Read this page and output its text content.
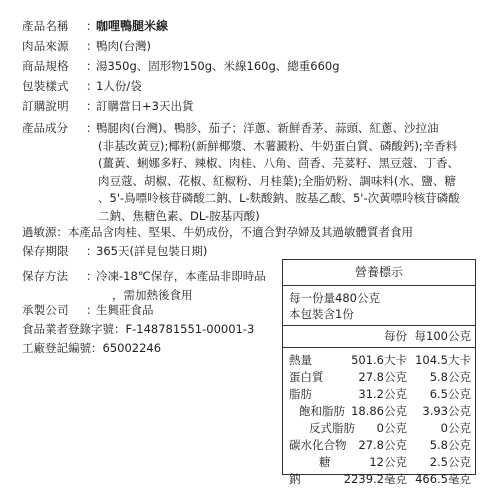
產品名稱 ：咖哩鴨腿米線
肉品來源 ：鴨肉(台灣)
商品規格 ：湯350g、固形物150g、米線160g、總重660g
包裝樣式 ：1人份/袋
訂購說明 ：訂購當日+3天出貨
產品成分 ：鴨腿肉(台灣)、鴨胗、茄子；洋蔥、新鮮香茅、蒜頭、紅蔥、沙拉油
(非基改黃豆);椰粉(新鮮椰漿、木薯澱粉、牛奶蛋白質、磷酸鈣);辛香料
(薑黃、蜊娜多籽、辣椒、肉桂、八角、茴香、芫荽籽、黑豆蔻、丁香、
肉豆蔻、胡椒、花椒、紅椒粉、月桂葉);全脂奶粉、調味料(水、鹽、糖
、5'-鳥嘌呤核苷磷酸二鈉、L-麩酸鈉、胺基乙酸、5'-次黃嘌呤核苷磷酸
二鈉、焦糖色素、DL-胺基丙酸)
過敏源：本產品含肉桂、堅果、牛奶成份，不適合對孕婦及其過敏體質者食用
保存期限 ：365天(詳見包裝日期)
保存方法 ：冷凍-18℃保存，本產品非即時品
，需加熱後食用
承製公司 ：生興莊食品
食品業者登錄字號：F-148781551-00001-3
工廠登記編號：65002246
營養標示
每一份量480公克
本包裝含1份
每份 每100公克
熱量	501.6大卡 104.5大卡
蛋白質	27.8公克 5.8公克
脂肪	31.2公克 6.5公克
飽和脂肪 18.86公克 3.93公克
反式脂肪 0公克	0公克
碳水化合物 27.8公克 5.8公克
糖	12公克 2.5公克
鈉	2239.2毫克 466.5毫克
